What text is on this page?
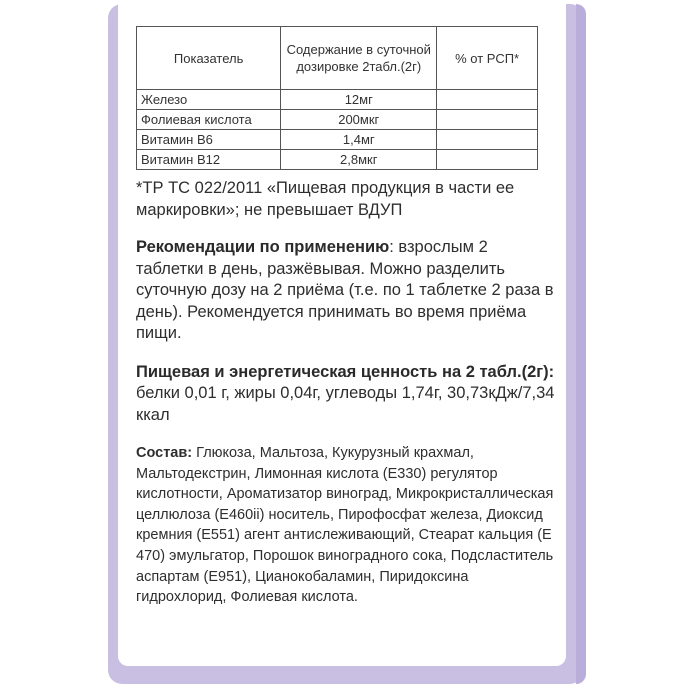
Показатель	Содержание в суточной дозировке 2табл.(2г)	% от РСП*
Железо	12мг	
Фолиевая кислота	200мкг	
Витамин B6	1,4мг	
Витамин B12	2,8мкг	

*ТР ТС 022/2011 «Пищевая продукция в части ее маркировки»; не превышает ВДУП

Рекомендации по применению: взрослым 2 таблетки в день, разжёвывая. Можно разделить суточную дозу на 2 приёма (т.е. по 1 таблетке 2 раза в день). Рекомендуется принимать во время приёма пищи.

Пищевая и энергетическая ценность на 2 табл.(2г): белки 0,01 г, жиры 0,04г, углеводы 1,74г, 30,73кДж/7,34 ккал

Состав: Глюкоза, Мальтоза, Кукурузный крахмал, Мальтодекстрин, Лимонная кислота (Е330) регулятор кислотности, Ароматизатор виноград, Микрокристаллическая целлюлоза (Е460ii) носитель, Пирофосфат железа, Диоксид кремния (Е551) агент антислеживающий, Стеарат кальция (Е 470) эмульгатор, Порошок виноградного сока, Подсластитель аспартам (Е951), Цианокобаламин, Пиридоксина гидрохлорид, Фолиевая кислота.
